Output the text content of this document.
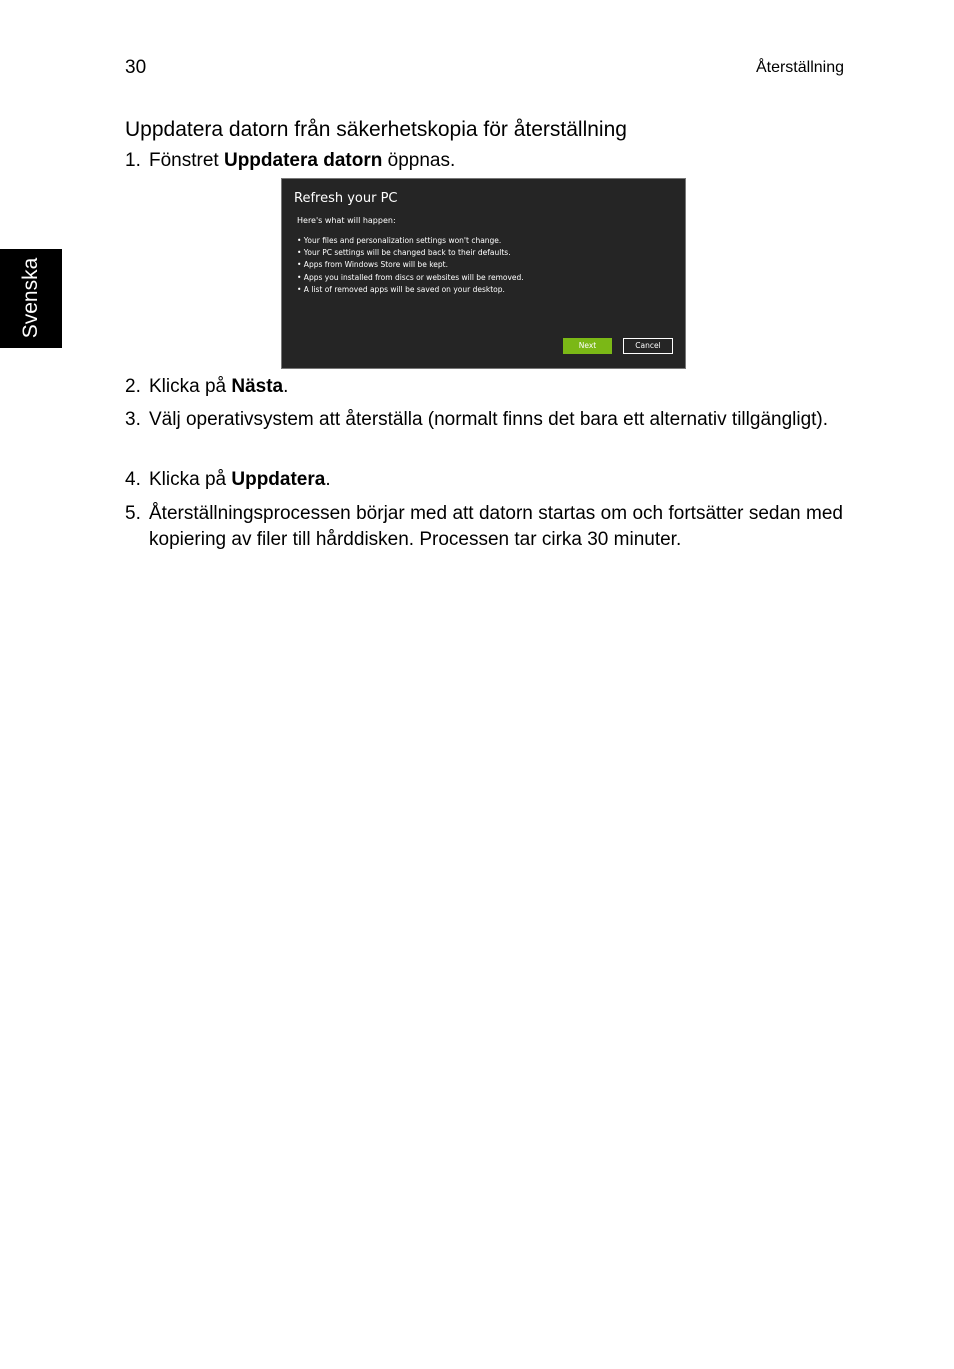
30	Återställning
Svenska
Uppdatera datorn från säkerhetskopia för återställning
1. Fönstret Uppdatera datorn öppnas.
Refresh your PC
Here's what will happen:
• Your files and personalization settings won't change.
• Your PC settings will be changed back to their defaults.
• Apps from Windows Store will be kept.
• Apps you installed from discs or websites will be removed.
• A list of removed apps will be saved on your desktop.
Next	Cancel
2. Klicka på Nästa.
3. Välj operativsystem att återställa (normalt finns det bara ett alternativ tillgängligt).
4. Klicka på Uppdatera.
5. Återställningsprocessen börjar med att datorn startas om och fortsätter sedan med kopiering av filer till hårddisken. Processen tar cirka 30 minuter.
